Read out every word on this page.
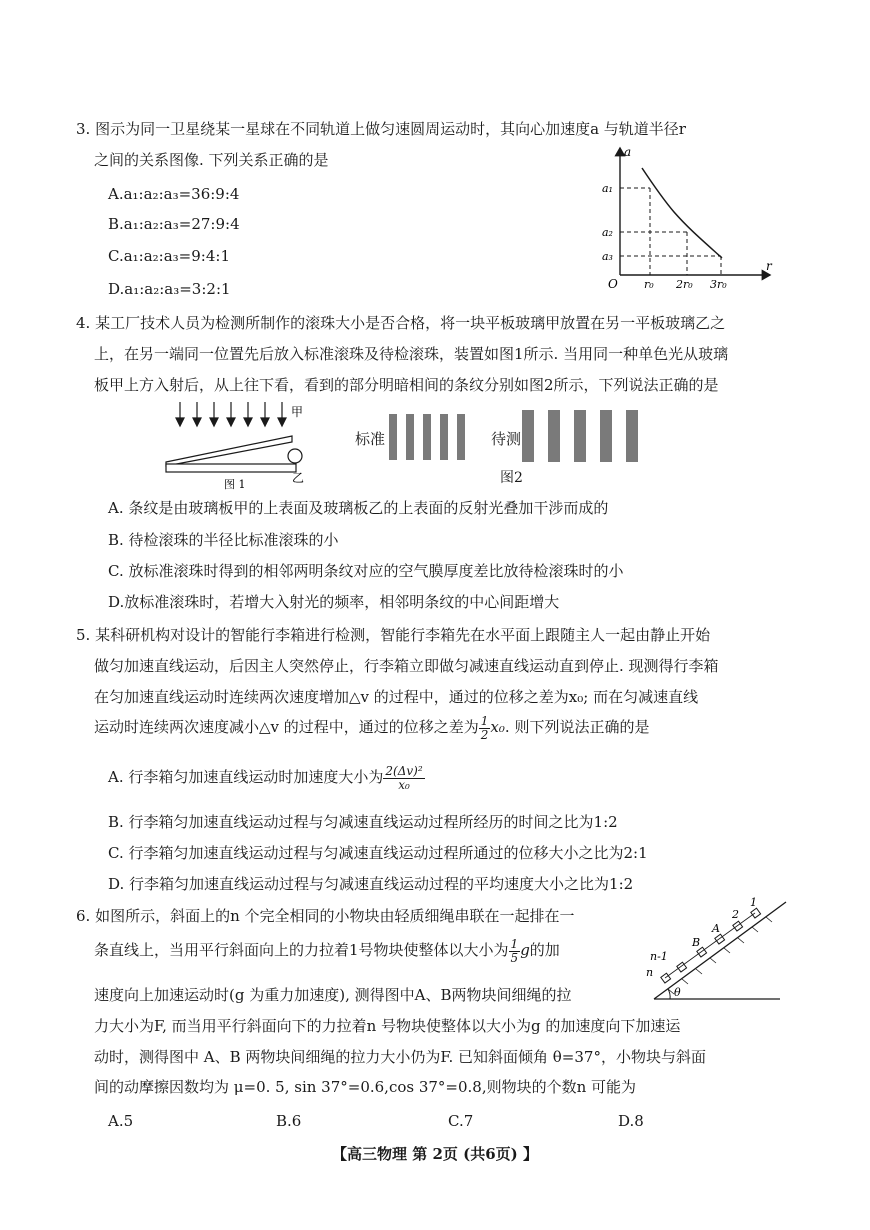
3. 图示为同一卫星绕某一星球在不同轨道上做匀速圆周运动时，其向心加速度a 与轨道半径r
之间的关系图像. 下列关系正确的是
A.a₁:a₂:a₃=36:9:4
B.a₁:a₂:a₃=27:9:4
C.a₁:a₂:a₃=9:4:1
D.a₁:a₂:a₃=3:2:1
a
r
O
a₁
a₂
a₃
r₀ 2r₀ 3r₀
4. 某工厂技术人员为检测所制作的滚珠大小是否合格，将一块平板玻璃甲放置在另一平板玻璃乙之
上，在另一端同一位置先后放入标准滚珠及待检滚珠，装置如图1所示. 当用同一种单色光从玻璃
板甲上方入射后，从上往下看，看到的部分明暗相间的条纹分别如图2所示，下列说法正确的是
甲
乙
图 1
标准	待测
图2
A. 条纹是由玻璃板甲的上表面及玻璃板乙的上表面的反射光叠加干涉而成的
B. 待检滚珠的半径比标准滚珠的小
C. 放标准滚珠时得到的相邻两明条纹对应的空气膜厚度差比放待检滚珠时的小
D.放标准滚珠时，若增大入射光的频率，相邻明条纹的中心间距增大
5. 某科研机构对设计的智能行李箱进行检测，智能行李箱先在水平面上跟随主人一起由静止开始
做匀加速直线运动，后因主人突然停止，行李箱立即做匀减速直线运动直到停止. 现测得行李箱
在匀加速直线运动时连续两次速度增加△v 的过程中，通过的位移之差为x₀; 而在匀减速直线
运动时连续两次速度减小△v 的过程中，通过的位移之差为 $\frac{1}{2} x_0$. 则下列说法正确的是
A. 行李箱匀加速直线运动时加速度大小为 $\frac{\text{2(Δv)²}}{\text{x₀}}$
B. 行李箱匀加速直线运动过程与匀减速直线运动过程所经历的时间之比为1:2
C. 行李箱匀加速直线运动过程与匀减速直线运动过程所通过的位移大小之比为2:1
D. 行李箱匀加速直线运动过程与匀减速直线运动过程的平均速度大小之比为1:2
6. 如图所示，斜面上的n 个完全相同的小物块由轻质细绳串联在一起排在一
条直线上，当用平行斜面向上的力拉着1号物块使整体以大小为 $\frac{1}{5}$ g的加
速度向上加速运动时(g 为重力加速度), 测得图中A、B两物块间细绳的拉
力大小为F, 而当用平行斜面向下的力拉着n 号物块使整体以大小为g 的加速度向下加速运
动时，测得图中 A、B 两物块间细绳的拉力大小仍为F. 已知斜面倾角 θ=37°，小物块与斜面
间的动摩擦因数均为 μ=0. 5, sin 37°=0.6,cos 37°=0.8,则物块的个数n 可能为
1
2
A
B
n-1
n
θ
A.5	B.6	C.7	D.8
【高三物理 第 2页 (共6页) 】
